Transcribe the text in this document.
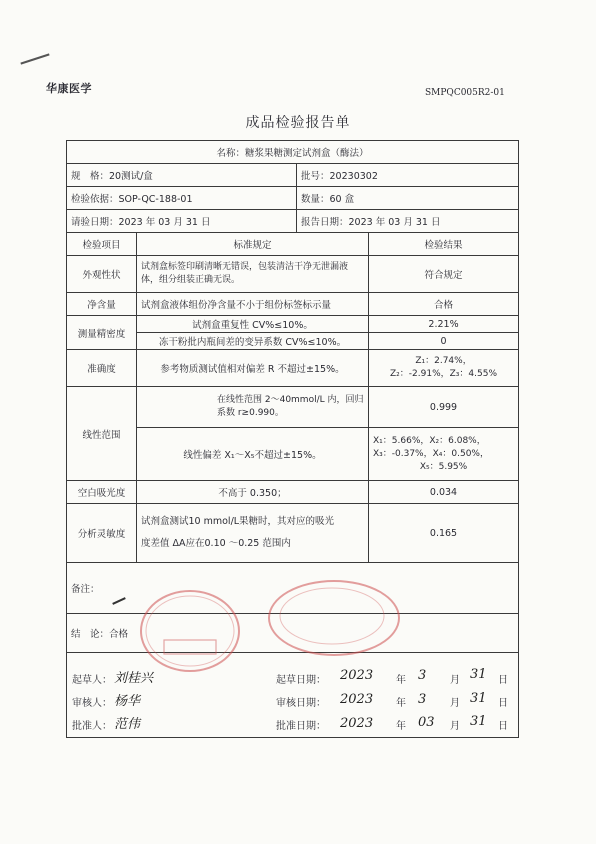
华康医学	SMPQC005R2-01
成品检验报告单
名称：糖浆果糖测定试剂盒（酶法）			
规　格：20测试/盒		批号：20230302	
检验依据：SOP-QC-188-01		数量：60 盒	
请验日期：2023 年 03 月 31 日		报告日期：2023 年 03 月 31 日	
检验项目	标准规定		检验结果
外观性状	试剂盒标签印刷清晰无错误，包装清洁干净无泄漏液体，组分组装正确无误。		符合规定
净含量	试剂盒液体组份净含量不小于组份标签标示量		合格
测量精密度	试剂盒重复性 CV%≤10%。		2.21%
	冻干粉批内瓶间差的变异系数 CV%≤10%。		0
准确度	参考物质测试值相对偏差 R 不超过±15%。		Z₁：2.74%，
Z₂：-2.91%，Z₃：4.55%

线性范围	在线性范围 2～40mmol/L 内，回归系数 r≥0.990。		0.999
	线性偏差 X₁～X₅不超过±15%。		X₁：5.66%，X₂：6.08%，
X₃：-0.37%，X₄：0.50%，
X₅：5.95%

空白吸光度	不高于 0.350；		0.034
分析灵敏度	试剂盒测试10 mmol/L果糖时，其对应的吸光
度差值 ΔA应在0.10 ～0.25 范围内		0.165
备注：			
结　论：合格			

起草人： 刘桂兴
审核人： 杨华
批准人： 范伟
起草日期： 2023 年 3 月 31 日
审核日期： 2023 年 3 月 31 日
批准日期： 2023 年 03 月 31 日
